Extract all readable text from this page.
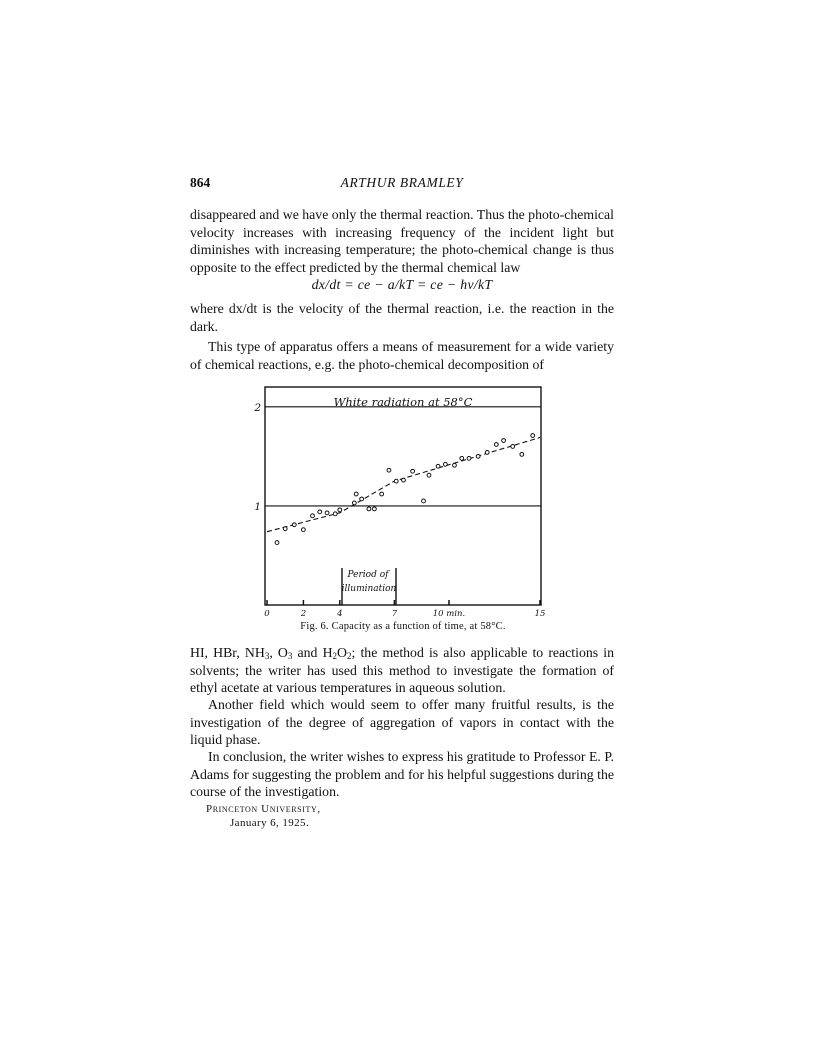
864	ARTHUR BRAMLEY
disappeared and we have only the thermal reaction. Thus the photo-chemical velocity increases with increasing frequency of the incident light but diminishes with increasing temperature; the photo-chemical change is thus opposite to the effect predicted by the thermal chemical law
dx/dt = ce − a/kT = ce − hν/kT
where dx/dt is the velocity of the thermal reaction, i.e. the reaction in the dark.
This type of apparatus offers a means of measurement for a wide variety of chemical reactions, e.g. the photo-chemical decomposition of
White radiation at 58°C
1
2
Period of
illumination
0	2	4	7	10 min.	15
Fig. 6. Capacity as a function of time, at 58°C.
HI, HBr, $NH_3$, $O_3$ and $H_2O_2$; the method is also applicable to reactions in solvents; the writer has used this method to investigate the formation of ethyl acetate at various temperatures in aqueous solution.
Another field which would seem to offer many fruitful results, is the investigation of the degree of aggregation of vapors in contact with the liquid phase.
In conclusion, the writer wishes to express his gratitude to Professor E. P. Adams for suggesting the problem and for his helpful suggestions during the course of the investigation.
Princeton University,
January 6, 1925.
